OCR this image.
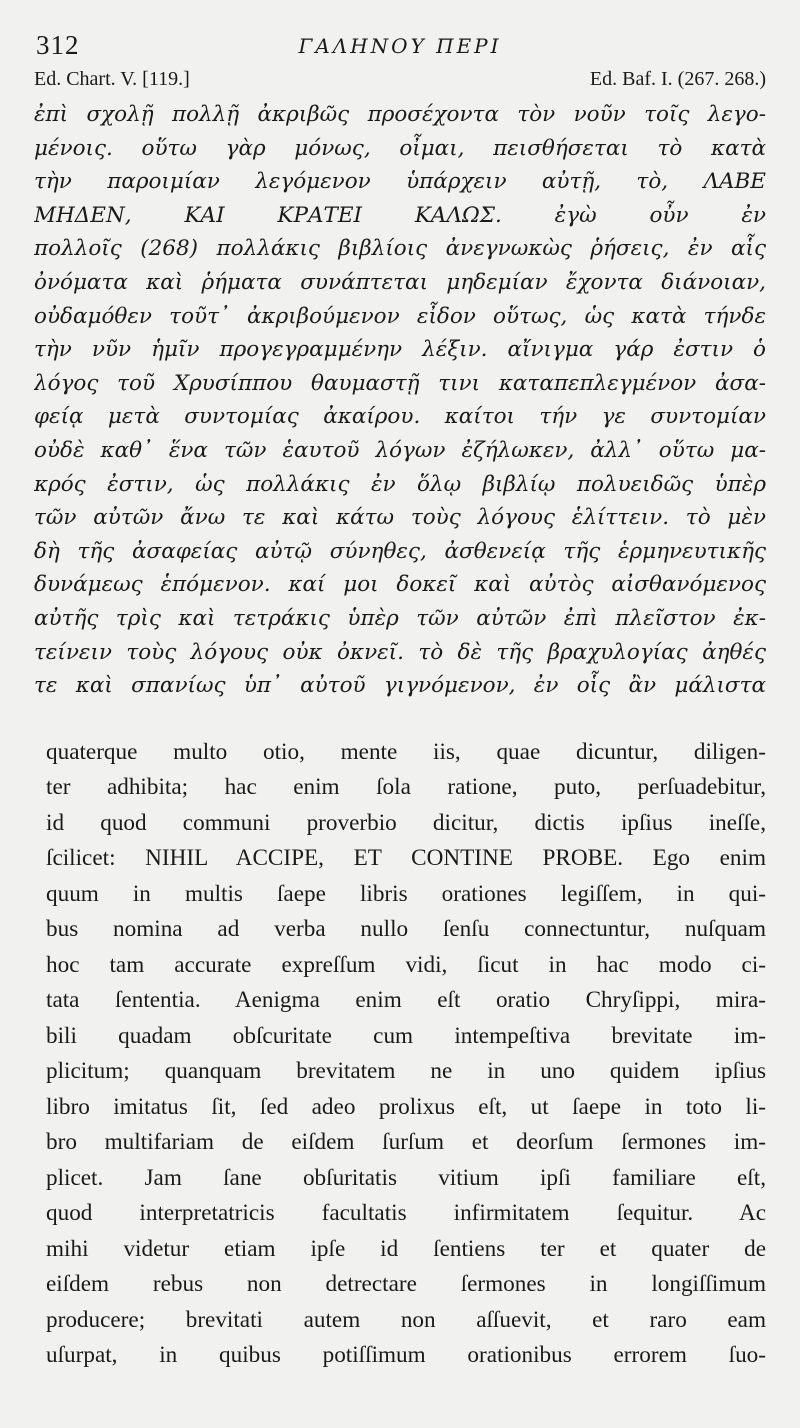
312	ΓΑΛΗΝΟΥ ΠΕΡΙ
Ed. Chart. V. [119.]	Ed. Baf. I. (267. 268.)
ἐπὶ σχολῇ πολλῇ ἀκριβῶς προσέχοντα τὸν νοῦν τοῖς λεγο-
μένοις. οὕτω γὰρ μόνως, οἶμαι, πεισθήσεται τὸ κατὰ
τὴν παροιμίαν λεγόμενον ὑπάρχειν αὐτῇ, τὸ, ΛΑΒΕ
ΜΗΔΕΝ, ΚΑΙ ΚΡΑΤΕΙ ΚΑΛΩΣ. ἐγὼ οὖν ἐν
πολλοῖς (268) πολλάκις βιβλίοις ἀνεγνωκὼς ῥήσεις, ἐν αἷς
ὀνόματα καὶ ῥήματα συνάπτεται μηδεμίαν ἔχοντα διάνοιαν,
οὐδαμόθεν τοῦτ᾽ ἀκριβούμενον εἶδον οὕτως, ὡς κατὰ τήνδε
τὴν νῦν ἡμῖν προγεγραμμένην λέξιν. αἴνιγμα γάρ ἐστιν ὁ
λόγος τοῦ Χρυσίππου θαυμαστῇ τινι καταπεπλεγμένον ἀσα-
φείᾳ μετὰ συντομίας ἀκαίρου. καίτοι τήν γε συντομίαν
οὐδὲ καθ᾽ ἕνα τῶν ἑαυτοῦ λόγων ἐζήλωκεν, ἀλλ᾽ οὕτω μα-
κρός ἐστιν, ὡς πολλάκις ἐν ὅλῳ βιβλίῳ πολυειδῶς ὑπὲρ
τῶν αὐτῶν ἄνω τε καὶ κάτω τοὺς λόγους ἑλίττειν. τὸ μὲν
δὴ τῆς ἀσαφείας αὐτῷ σύνηθες, ἀσθενείᾳ τῆς ἑρμηνευτικῆς
δυνάμεως ἑπόμενον. καί μοι δοκεῖ καὶ αὐτὸς αἰσθανόμενος
αὐτῆς τρὶς καὶ τετράκις ὑπὲρ τῶν αὐτῶν ἐπὶ πλεῖστον ἐκ-
τείνειν τοὺς λόγους οὐκ ὀκνεῖ. τὸ δὲ τῆς βραχυλογίας ἀηθές
τε καὶ σπανίως ὑπ᾽ αὐτοῦ γιγνόμενον, ἐν οἷς ἂν μάλιστα
quaterque multo otio, mente iis, quae dicuntur, diligen-
ter adhibita; hac enim ſola ratione, puto, perſuadebitur,
id quod communi proverbio dicitur, dictis ipſius ineſſe,
ſcilicet: NIHIL ACCIPE, ET CONTINE PROBE. Ego enim
quum in multis ſaepe libris orationes legiſſem, in qui-
bus nomina ad verba nullo ſenſu connectuntur, nuſquam
hoc tam accurate expreſſum vidi, ſicut in hac modo ci-
tata ſententia. Aenigma enim eſt oratio Chryſippi, mira-
bili quadam obſcuritate cum intempeſtiva brevitate im-
plicitum; quanquam brevitatem ne in uno quidem ipſius
libro imitatus ſit, ſed adeo prolixus eſt, ut ſaepe in toto li-
bro multifariam de eiſdem ſurſum et deorſum ſermones im-
plicet. Jam ſane obſuritatis vitium ipſi familiare eſt,
quod interpretatricis facultatis infirmitatem ſequitur. Ac
mihi videtur etiam ipſe id ſentiens ter et quater de
eiſdem rebus non detrectare ſermones in longiſſimum
producere; brevitati autem non aſſuevit, et raro eam
uſurpat, in quibus potiſſimum orationibus errorem ſuo-
